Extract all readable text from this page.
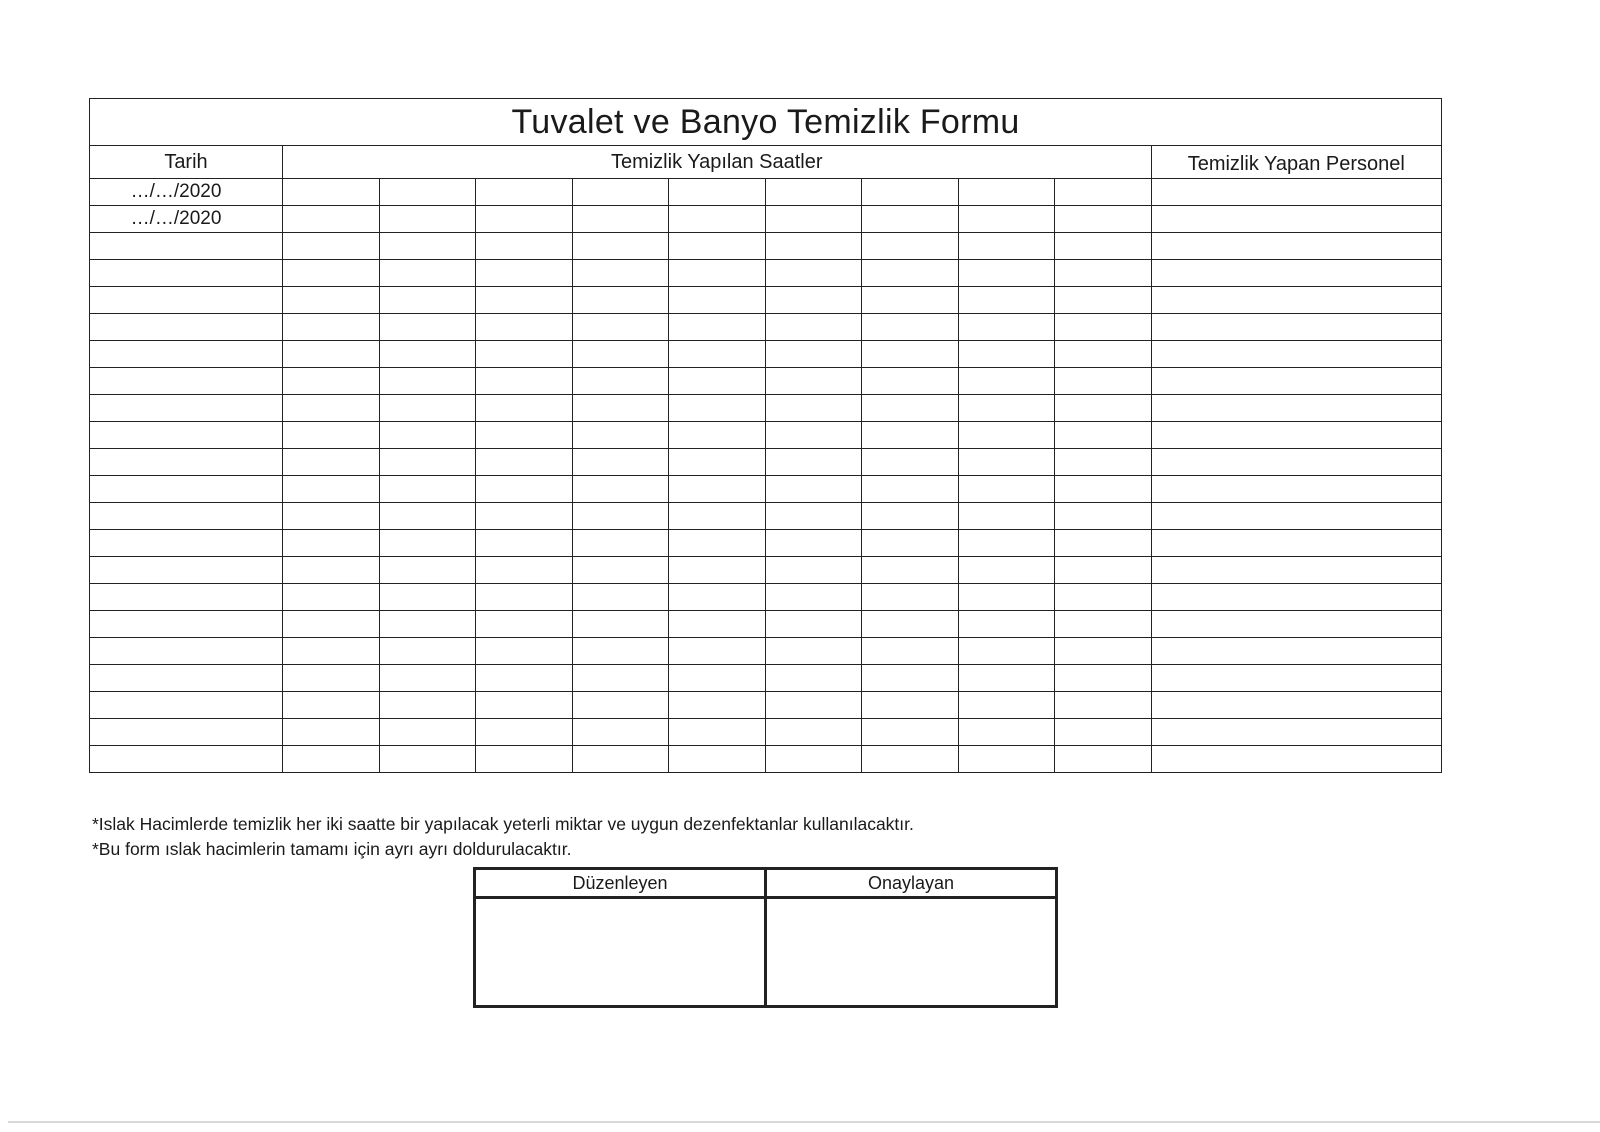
Tuvalet ve Banyo Temizlik Formu										
Tarih	Temizlik Yapılan Saatler									Temizlik Yapan Personel
…/…/2020										
…/…/2020										

*Islak Hacimlerde temizlik her iki saatte bir yapılacak yeterli miktar ve uygun dezenfektanlar kullanılacaktır.
*Bu form ıslak hacimlerin tamamı için ayrı ayrı doldurulacaktır.
Düzenleyen	Onaylayan
